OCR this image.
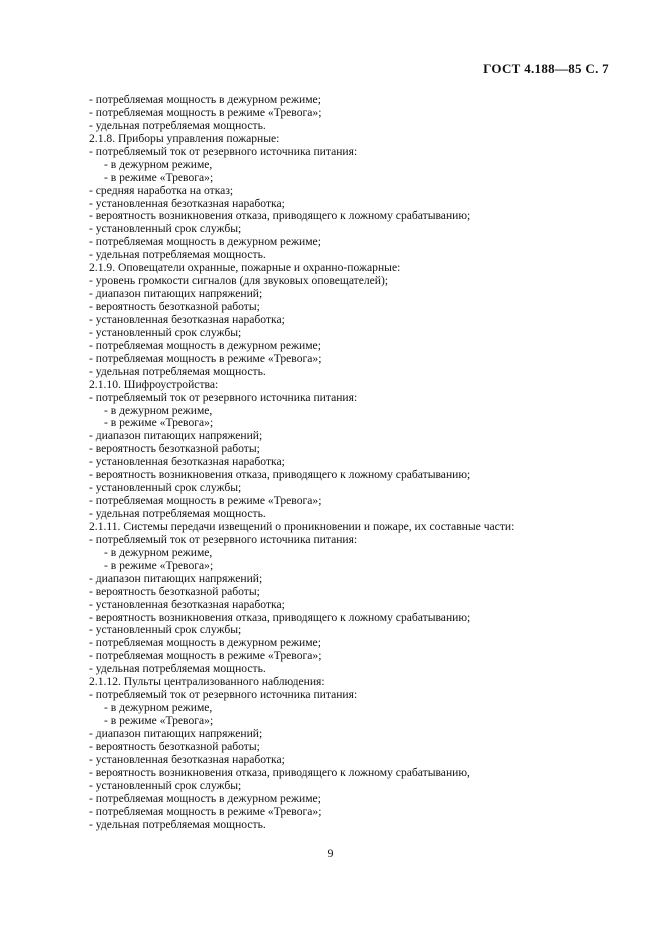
ГОСТ 4.188—85 С. 7
- потребляемая мощность в дежурном режиме;
- потребляемая мощность в режиме «Тревога»;
- удельная потребляемая мощность.
2.1.8. Приборы управления пожарные:
- потребляемый ток от резервного источника питания:
- в дежурном режиме,
- в режиме «Тревога»;
- средняя наработка на отказ;
- установленная безотказная наработка;
- вероятность возникновения отказа, приводящего к ложному срабатыванию;
- установленный срок службы;
- потребляемая мощность в дежурном режиме;
- удельная потребляемая мощность.
2.1.9. Оповещатели охранные, пожарные и охранно-пожарные:
- уровень громкости сигналов (для звуковых оповещателей);
- диапазон питающих напряжений;
- вероятность безотказной работы;
- установленная безотказная наработка;
- установленный срок службы;
- потребляемая мощность в дежурном режиме;
- потребляемая мощность в режиме «Тревога»;
- удельная потребляемая мощность.
2.1.10. Шифроустройства:
- потребляемый ток от резервного источника питания:
- в дежурном режиме,
- в режиме «Тревога»;
- диапазон питающих напряжений;
- вероятность безотказной работы;
- установленная безотказная наработка;
- вероятность возникновения отказа, приводящего к ложному срабатыванию;
- установленный срок службы;
- потребляемая мощность в режиме «Тревога»;
- удельная потребляемая мощность.
2.1.11. Системы передачи извещений о проникновении и пожаре, их составные части:
- потребляемый ток от резервного источника питания:
- в дежурном режиме,
- в режиме «Тревога»;
- диапазон питающих напряжений;
- вероятность безотказной работы;
- установленная безотказная наработка;
- вероятность возникновения отказа, приводящего к ложному срабатыванию;
- установленный срок службы;
- потребляемая мощность в дежурном режиме;
- потребляемая мощность в режиме «Тревога»;
- удельная потребляемая мощность.
2.1.12. Пульты централизованного наблюдения:
- потребляемый ток от резервного источника питания:
- в дежурном режиме,
- в режиме «Тревога»;
- диапазон питающих напряжений;
- вероятность безотказной работы;
- установленная безотказная наработка;
- вероятность возникновения отказа, приводящего к ложному срабатыванию,
- установленный срок службы;
- потребляемая мощность в дежурном режиме;
- потребляемая мощность в режиме «Тревога»;
- удельная потребляемая мощность.
9
